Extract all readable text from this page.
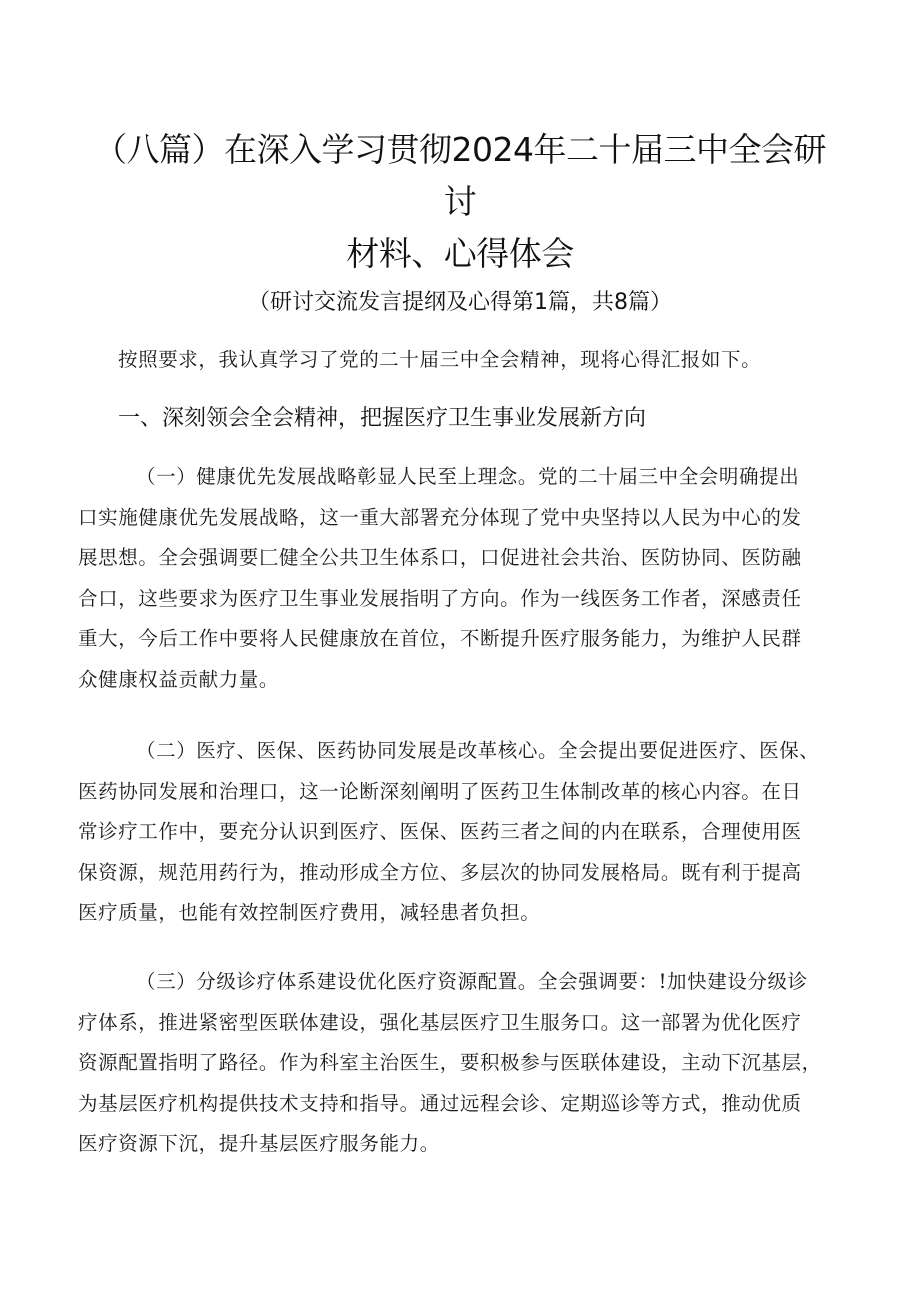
（八篇）在深入学习贯彻2024年二十届三中全会研讨
材料、心得体会
（研讨交流发言提纲及心得第1篇，共8篇）
按照要求，我认真学习了党的二十届三中全会精神，现将心得汇报如下。
一、深刻领会全会精神，把握医疗卫生事业发展新方向
（一）健康优先发展战略彰显人民至上理念。党的二十届三中全会明确提出
口实施健康优先发展战略，这一重大部署充分体现了党中央坚持以人民为中心的发
展思想。全会强调要匚健全公共卫生体系口，口促进社会共治、医防协同、医防融
合口，这些要求为医疗卫生事业发展指明了方向。作为一线医务工作者，深感责任
重大，今后工作中要将人民健康放在首位，不断提升医疗服务能力，为维护人民群
众健康权益贡献力量。
（二）医疗、医保、医药协同发展是改革核心。全会提出要促进医疗、医保、
医药协同发展和治理口，这一论断深刻阐明了医药卫生体制改革的核心内容。在日
常诊疗工作中，要充分认识到医疗、医保、医药三者之间的内在联系，合理使用医
保资源，规范用药行为，推动形成全方位、多层次的协同发展格局。既有利于提高
医疗质量，也能有效控制医疗费用，减轻患者负担。
（三）分级诊疗体系建设优化医疗资源配置。全会强调要：!加快建设分级诊
疗体系，推进紧密型医联体建设，强化基层医疗卫生服务口。这一部署为优化医疗
资源配置指明了路径。作为科室主治医生，要积极参与医联体建设，主动下沉基层，
为基层医疗机构提供技术支持和指导。通过远程会诊、定期巡诊等方式，推动优质
医疗资源下沉，提升基层医疗服务能力。
